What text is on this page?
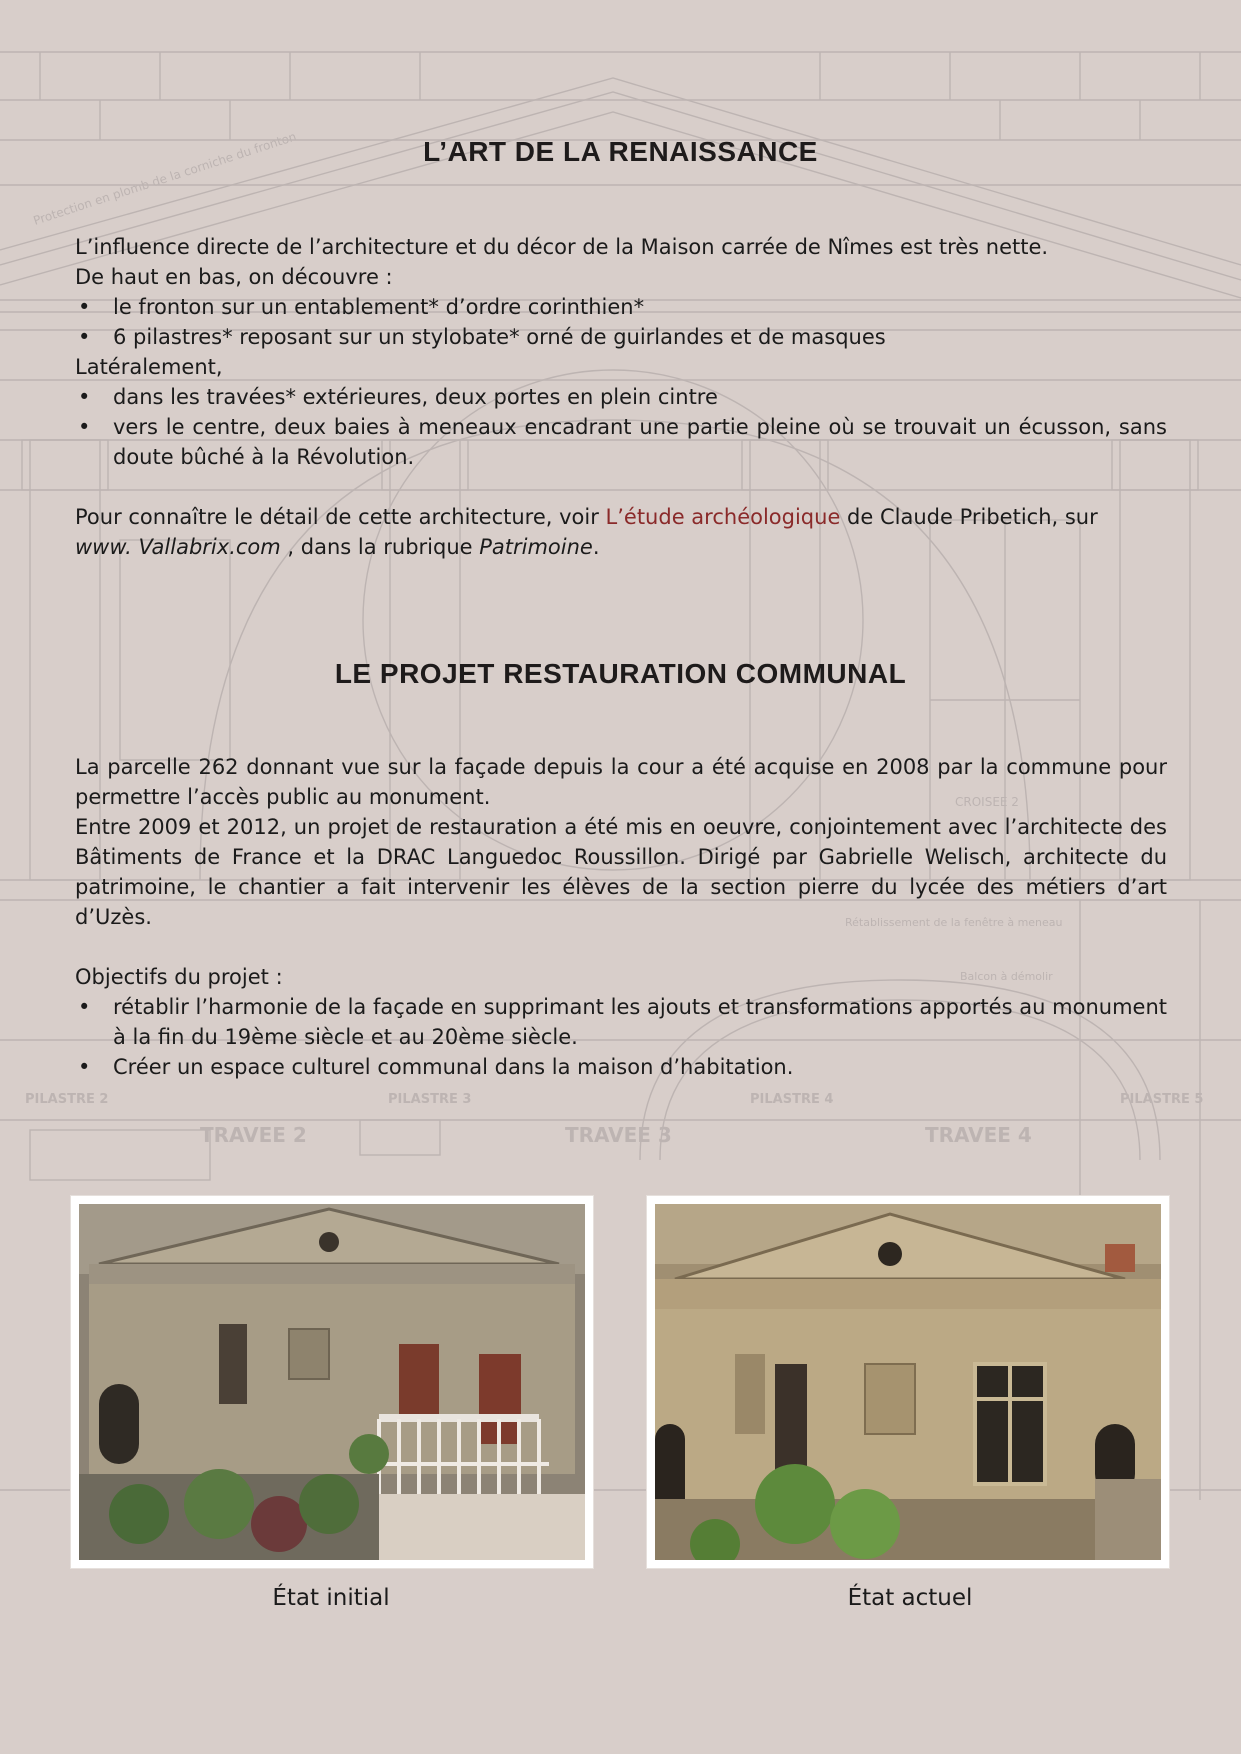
Protection en plomb de la corniche du fronton
CROISEE 2
Rétablissement de la fenêtre à meneau
Balcon à démolir
PILASTRE 2	PILASTRE 3	PILASTRE 4	PILASTRE 5
TRAVEE 2	TRAVEE 3	TRAVEE 4
L’ART DE LA RENAISSANCE

L’influence directe de l’architecture et du décor de la Maison carrée de Nîmes est très nette.

De haut en bas, on découvre :

• le fronton sur un entablement* d’ordre corinthien*
• 6 pilastres* reposant sur un stylobate* orné de guirlandes et de masques

Latéralement,

• dans les travées* extérieures, deux portes en plein cintre
• vers le centre, deux baies à meneaux encadrant une partie pleine où se trouvait un écusson, sans doute bûché à la Révolution.

Pour connaître le détail de cette architecture, voir L’étude archéologique de Claude Pribetich, sur
www. Vallabrix.com , dans la rubrique Patrimoine.

LE PROJET RESTAURATION COMMUNAL

La parcelle 262 donnant vue sur la façade depuis la cour a été acquise en 2008 par la commune pour permettre l’accès public au monument.

Entre 2009 et 2012, un projet de restauration a été mis en oeuvre, conjointement avec l’architecte des Bâtiments de France et la DRAC Languedoc Roussillon. Dirigé par Gabrielle Welisch, architecte du patrimoine, le chantier a fait intervenir les élèves de la section pierre du lycée des métiers d’art d’Uzès.

Objectifs du projet :

• rétablir l’harmonie de la façade en supprimant les ajouts et transformations apportés au monument à la fin du 19ème siècle et au 20ème siècle.
• Créer un espace culturel communal dans la maison d’habitation.
État initial	État actuel
